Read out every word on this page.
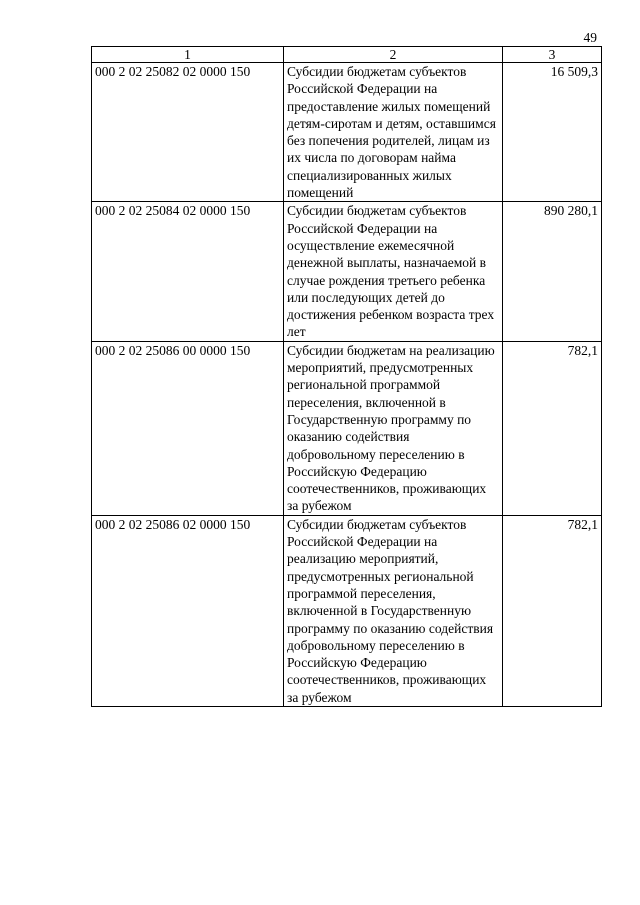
49
1	2	3
000 2 02 25082 02 0000 150	Субсидии бюджетам субъектов Российской Федерации на предоставление жилых помещений детям-сиротам и детям, оставшимся без попечения родителей, лицам из их числа по договорам найма специализированных жилых помещений	16 509,3
000 2 02 25084 02 0000 150	Субсидии бюджетам субъектов Российской Федерации на осуществление ежемесячной денежной выплаты, назначаемой в случае рождения третьего ребенка или последующих детей до достижения ребенком возраста трех лет	890 280,1
000 2 02 25086 00 0000 150	Субсидии бюджетам на реализацию мероприятий, предусмотренных региональной программой переселения, включенной в Государственную программу по оказанию содействия добровольному переселению в Российскую Федерацию соотечественников, проживающих за рубежом	782,1
000 2 02 25086 02 0000 150	Субсидии бюджетам субъектов Российской Федерации на реализацию мероприятий, предусмотренных региональной программой переселения, включенной в Государственную программу по оказанию содействия добровольному переселению в Российскую Федерацию соотечественников, проживающих за рубежом	782,1
